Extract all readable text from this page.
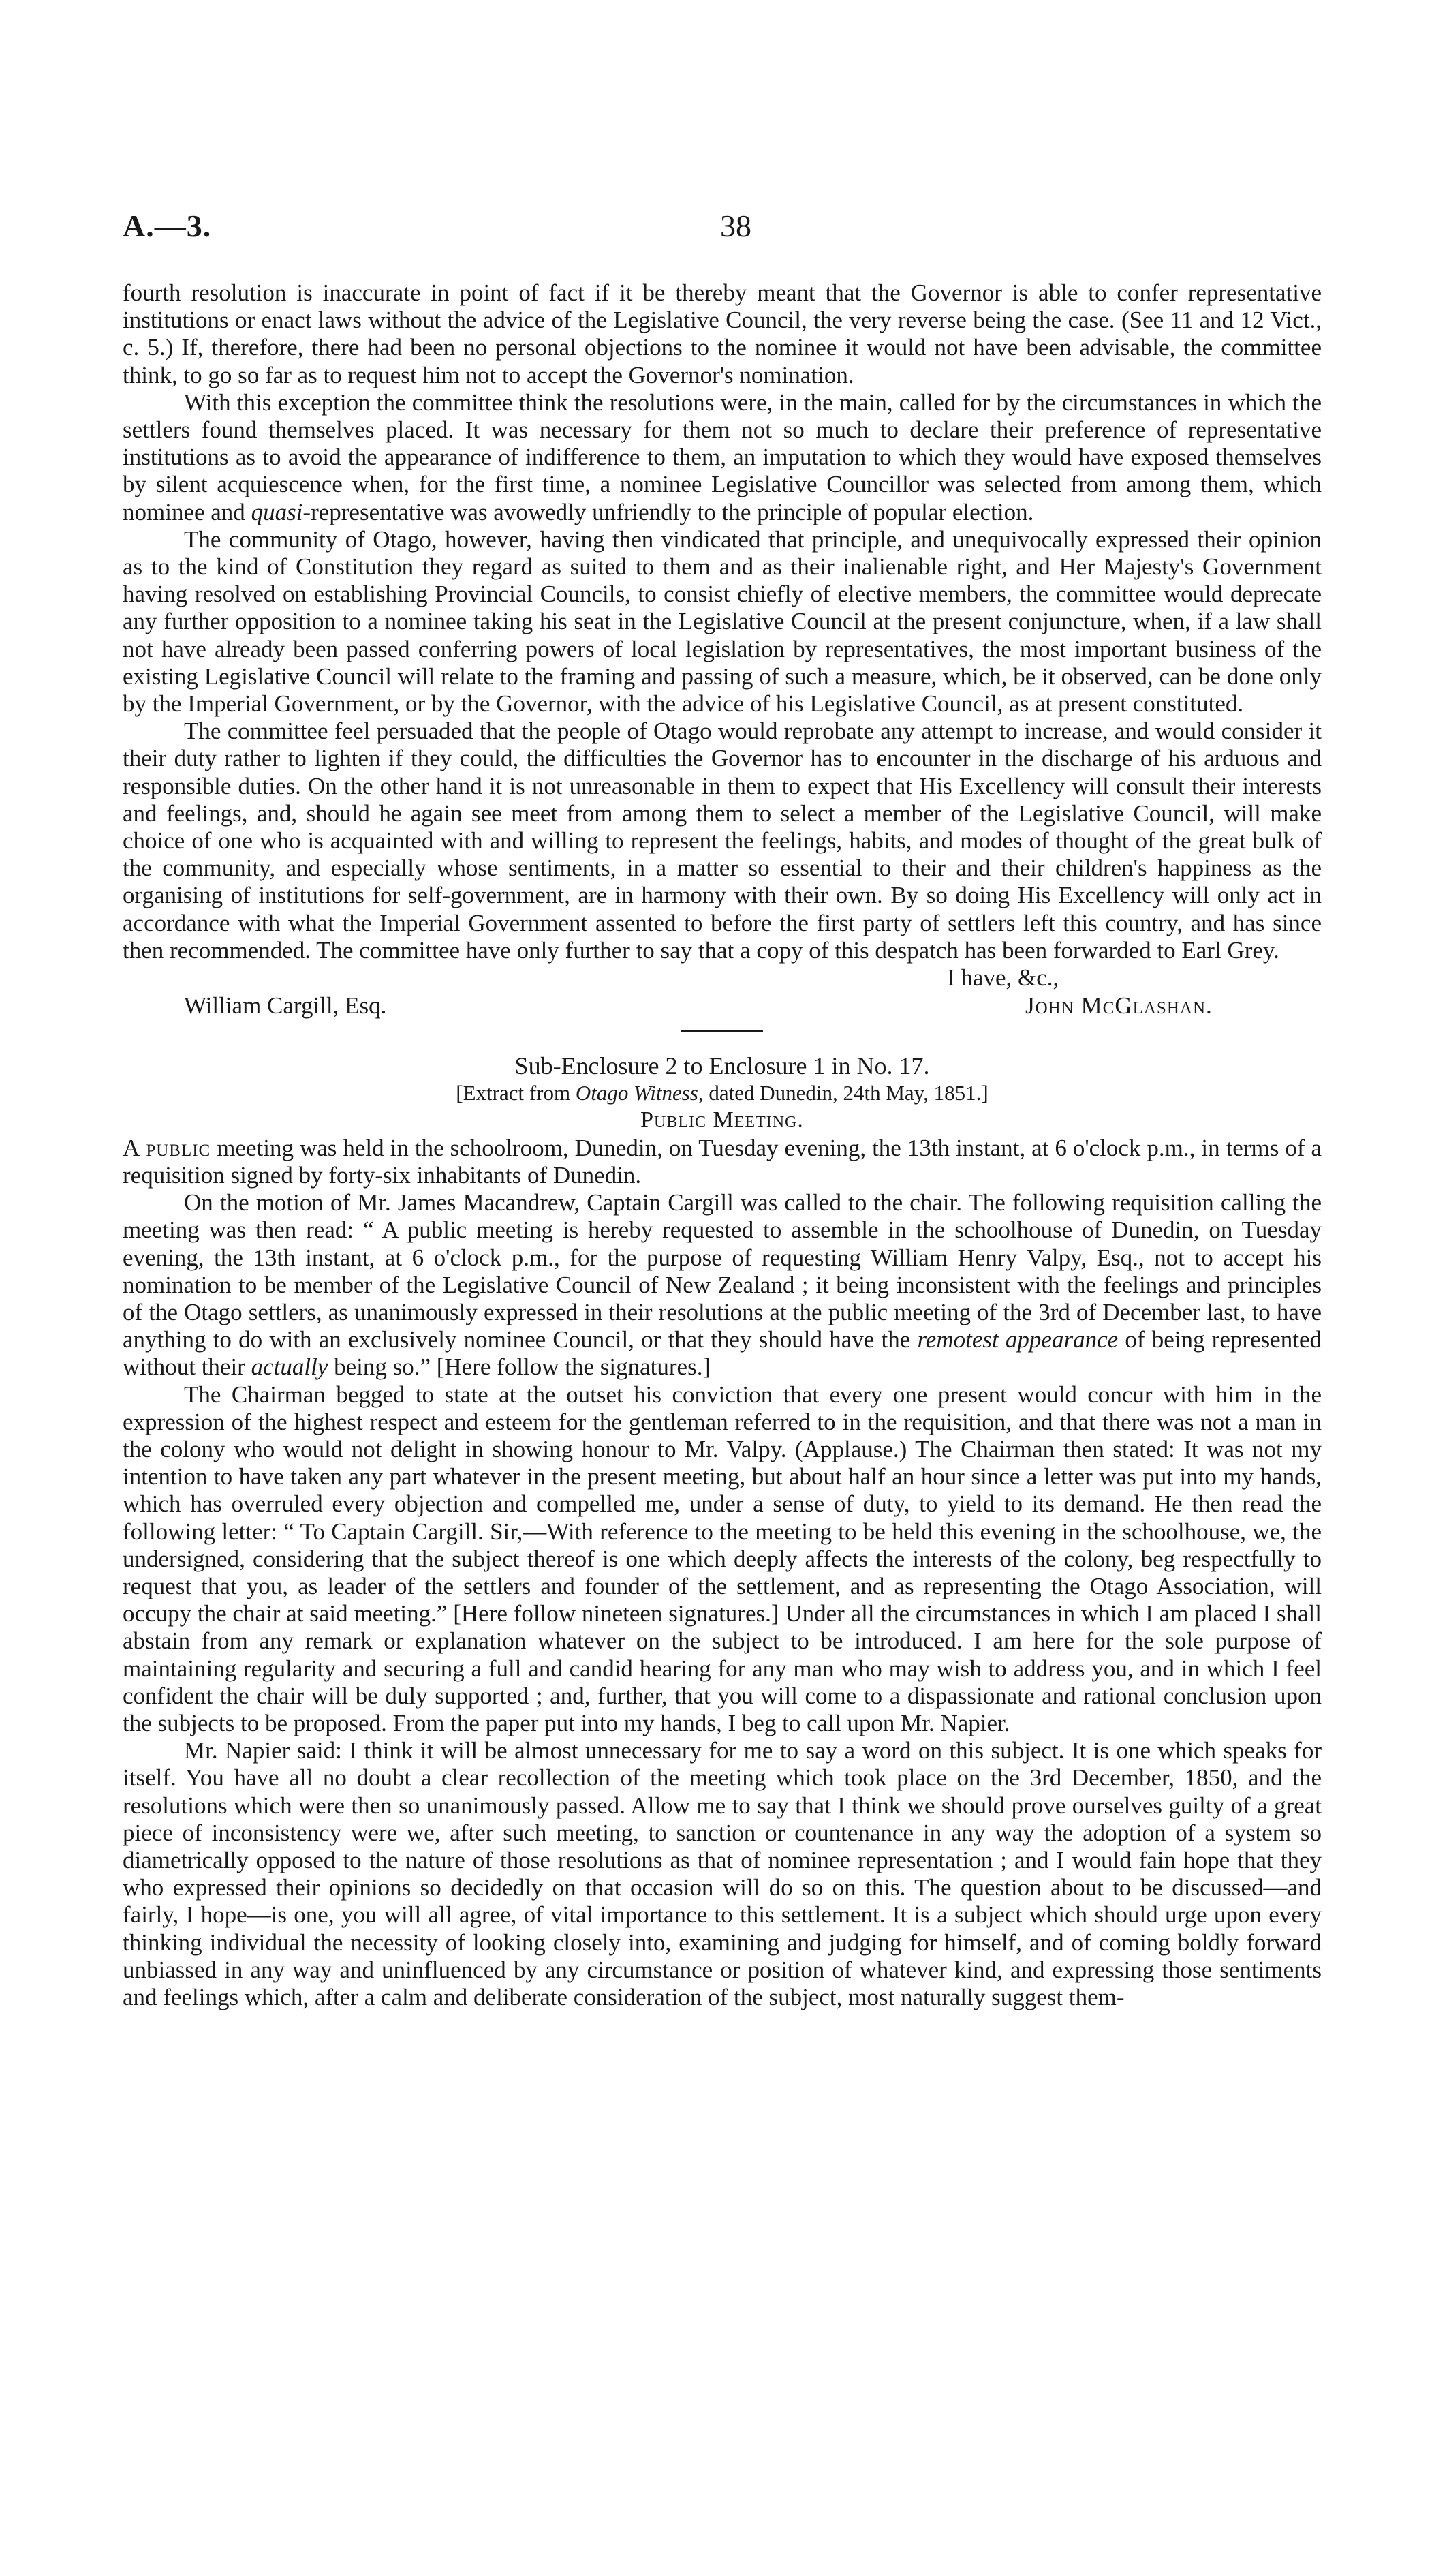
A.—3.	38

fourth resolution is inaccurate in point of fact if it be thereby meant that the Governor is able to confer representative institutions or enact laws without the advice of the Legislative Council, the very reverse being the case. (See 11 and 12 Vict., c. 5.) If, therefore, there had been no personal objections to the nominee it would not have been advisable, the committee think, to go so far as to request him not to accept the Governor's nomination.

With this exception the committee think the resolutions were, in the main, called for by the circumstances in which the settlers found themselves placed. It was necessary for them not so much to declare their preference of representative institutions as to avoid the appearance of indifference to them, an imputation to which they would have exposed themselves by silent acquiescence when, for the first time, a nominee Legislative Councillor was selected from among them, which nominee and quasi-representative was avowedly unfriendly to the principle of popular election.

The community of Otago, however, having then vindicated that principle, and unequivocally expressed their opinion as to the kind of Constitution they regard as suited to them and as their inalienable right, and Her Majesty's Government having resolved on establishing Provincial Councils, to consist chiefly of elective members, the committee would deprecate any further opposition to a nominee taking his seat in the Legislative Council at the present conjuncture, when, if a law shall not have already been passed conferring powers of local legislation by representatives, the most important business of the existing Legislative Council will relate to the framing and passing of such a measure, which, be it observed, can be done only by the Imperial Government, or by the Governor, with the advice of his Legislative Council, as at present constituted.

The committee feel persuaded that the people of Otago would reprobate any attempt to increase, and would consider it their duty rather to lighten if they could, the difficulties the Governor has to encounter in the discharge of his arduous and responsible duties. On the other hand it is not unreasonable in them to expect that His Excellency will consult their interests and feelings, and, should he again see meet from among them to select a member of the Legislative Council, will make choice of one who is acquainted with and willing to represent the feelings, habits, and modes of thought of the great bulk of the community, and especially whose sentiments, in a matter so essential to their and their children's happiness as the organising of institutions for self-government, are in harmony with their own. By so doing His Excellency will only act in accordance with what the Imperial Government assented to before the first party of settlers left this country, and has since then recommended. The committee have only further to say that a copy of this despatch has been forwarded to Earl Grey.

I have, &c.,
William Cargill, Esq.	John McGlashan.

Sub-Enclosure 2 to Enclosure 1 in No. 17.

[Extract from Otago Witness, dated Dunedin, 24th May, 1851.]

Public Meeting.

A public meeting was held in the schoolroom, Dunedin, on Tuesday evening, the 13th instant, at 6 o'clock p.m., in terms of a requisition signed by forty-six inhabitants of Dunedin.

On the motion of Mr. James Macandrew, Captain Cargill was called to the chair. The following requisition calling the meeting was then read: “ A public meeting is hereby requested to assemble in the schoolhouse of Dunedin, on Tuesday evening, the 13th instant, at 6 o'clock p.m., for the purpose of requesting William Henry Valpy, Esq., not to accept his nomination to be member of the Legislative Council of New Zealand ; it being inconsistent with the feelings and principles of the Otago settlers, as unanimously expressed in their resolutions at the public meeting of the 3rd of December last, to have anything to do with an exclusively nominee Council, or that they should have the remotest appearance of being represented without their actually being so.” [Here follow the signatures.]

The Chairman begged to state at the outset his conviction that every one present would concur with him in the expression of the highest respect and esteem for the gentleman referred to in the requisition, and that there was not a man in the colony who would not delight in showing honour to Mr. Valpy. (Applause.) The Chairman then stated: It was not my intention to have taken any part whatever in the present meeting, but about half an hour since a letter was put into my hands, which has overruled every objection and compelled me, under a sense of duty, to yield to its demand. He then read the following letter: “ To Captain Cargill. Sir,—With reference to the meeting to be held this evening in the schoolhouse, we, the undersigned, considering that the subject thereof is one which deeply affects the interests of the colony, beg respectfully to request that you, as leader of the settlers and founder of the settlement, and as representing the Otago Association, will occupy the chair at said meeting.” [Here follow nineteen signatures.] Under all the circumstances in which I am placed I shall abstain from any remark or explanation whatever on the subject to be introduced. I am here for the sole purpose of maintaining regularity and securing a full and candid hearing for any man who may wish to address you, and in which I feel confident the chair will be duly supported ; and, further, that you will come to a dispassionate and rational conclusion upon the subjects to be proposed. From the paper put into my hands, I beg to call upon Mr. Napier.

Mr. Napier said: I think it will be almost unnecessary for me to say a word on this subject. It is one which speaks for itself. You have all no doubt a clear recollection of the meeting which took place on the 3rd December, 1850, and the resolutions which were then so unanimously passed. Allow me to say that I think we should prove ourselves guilty of a great piece of inconsistency were we, after such meeting, to sanction or countenance in any way the adoption of a system so diametrically opposed to the nature of those resolutions as that of nominee representation ; and I would fain hope that they who expressed their opinions so decidedly on that occasion will do so on this. The question about to be discussed—and fairly, I hope—is one, you will all agree, of vital importance to this settlement. It is a subject which should urge upon every thinking individual the necessity of looking closely into, examining and judging for himself, and of coming boldly forward unbiassed in any way and uninfluenced by any circumstance or position of whatever kind, and expressing those sentiments and feelings which, after a calm and deliberate consideration of the subject, most naturally suggest them-
